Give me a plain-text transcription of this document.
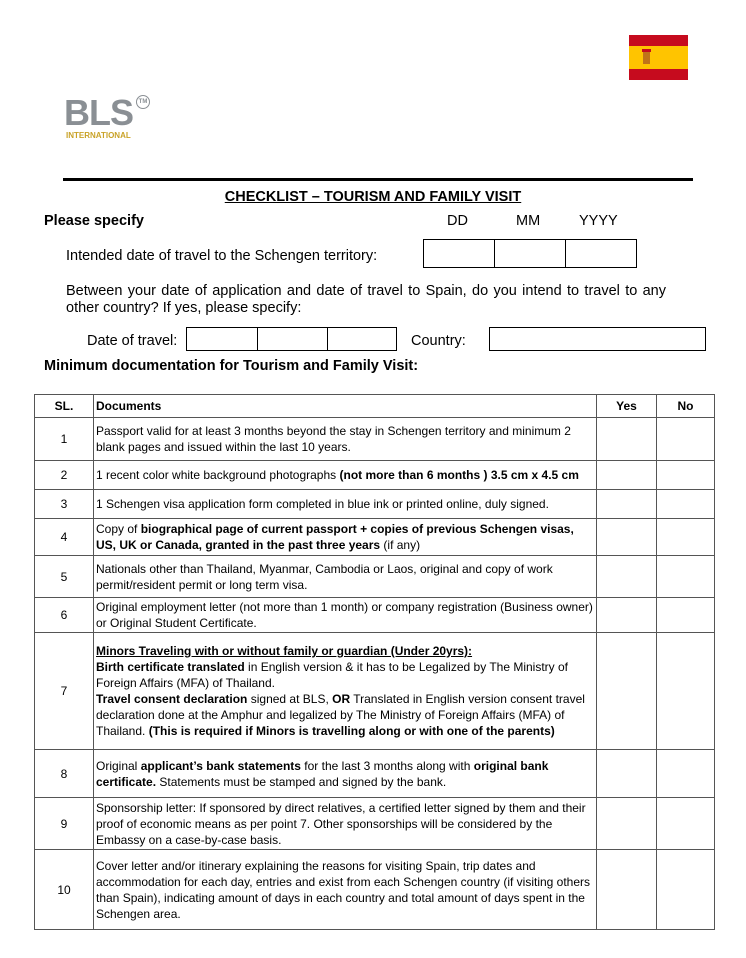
BLS TM
INTERNATIONAL
CHECKLIST – TOURISM AND FAMILY VISIT
Please specify	DD	MM	YYYY
Intended date of travel to the Schengen territory:
Between your date of application and date of travel to Spain, do you intend to travel to any other country? If yes, please specify:
Date of travel:	Country:
Minimum documentation for Tourism and Family Visit:
SL.	Documents	Yes	No
1	Passport valid for at least 3 months beyond the stay in Schengen territory and minimum 2 blank pages and issued within the last 10 years.		
2	1 recent color white background photographs (not more than 6 months ) 3.5 cm x 4.5 cm		
3	1 Schengen visa application form completed in blue ink or printed online, duly signed.		
4	Copy of biographical page of current passport + copies of previous Schengen visas, US, UK or Canada, granted in the past three years (if any)		
5	Nationals other than Thailand, Myanmar, Cambodia or Laos, original and copy of work permit/resident permit or long term visa.		
6	Original employment letter (not more than 1 month) or company registration (Business owner) or Original Student Certificate.		
7	Minors Traveling with or without family or guardian (Under 20yrs):
Birth certificate translated in English version & it has to be Legalized by The Ministry of Foreign Affairs (MFA) of Thailand.
Travel consent declaration signed at BLS, OR Translated in English version consent travel declaration done at the Amphur and legalized by The Ministry of Foreign Affairs (MFA) of Thailand. (This is required if Minors is travelling along or with one of the parents)		
8	Original applicant’s bank statements for the last 3 months along with original bank certificate. Statements must be stamped and signed by the bank.		
9	Sponsorship letter: If sponsored by direct relatives, a certified letter signed by them and their proof of economic means as per point 7. Other sponsorships will be considered by the Embassy on a case-by-case basis.		
10	Cover letter and/or itinerary explaining the reasons for visiting Spain, trip dates and accommodation for each day, entries and exist from each Schengen country (if visiting others than Spain), indicating amount of days in each country and total amount of days spent in the Schengen area.		
